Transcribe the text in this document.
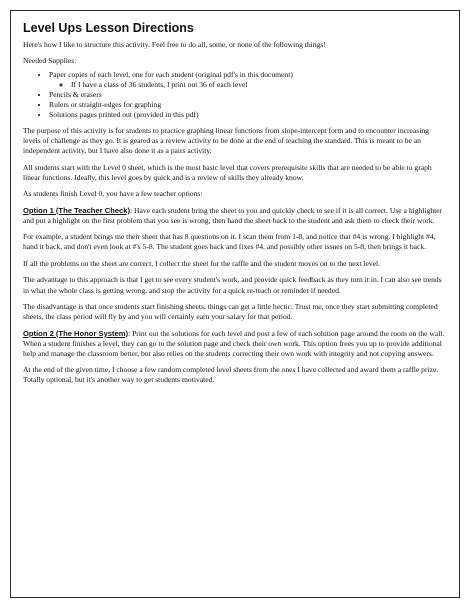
Level Ups Lesson Directions

Here's how I like to structure this activity. Feel free to do all, some, or none of the following things!

Needed Supplies:

• Paper copies of each level, one for each student (original pdf's in this document)
◦ If I have a class of 36 students, I print out 36 of each level
• Pencils & erasers
• Rulers or straight-edges for graphing
• Solutions pages printed out (provided in this pdf)

The purpose of this activity is for students to practice graphing linear functions from slope-intercept form and to encounter increasing levels of challenge as they go. It is geared as a review activity to be done at the end of teaching the standard. This is meant to be an independent activity, but I have also done it as a pairs activity.

All students start with the Level 0 sheet, which is the most basic level that covers prerequisite skills that are needed to be able to graph linear functions. Ideally, this level goes by quick and is a review of skills they already know.

As students finish Level 0, you have a few teacher options:

Option 1 (The Teacher Check): Have each student bring the sheet to you and quickly check to see if it is all correct. Use a highlighter and put a highlight on the first problem that you see is wrong, then hand the sheet back to the student and ask them to check their work.

For example, a student brings me their sheet that has 8 questions on it. I scan them from 1-8, and notice that #4 is wrong. I highlight #4, hand it back, and don't even look at #'s 5-8. The student goes back and fixes #4, and possibly other issues on 5-8, then brings it back.

If all the problems on the sheet are correct, I collect the sheet for the raffle and the student moves on to the next level.

The advantage to this approach is that I get to see every student's work, and provide quick feedback as they turn it in. I can also see trends in what the whole class is getting wrong, and stop the activity for a quick re-teach or reminder if needed.

The disadvantage is that once students start finishing sheets, things can get a little hectic. Trust me, once they start submitting completed sheets, the class period will fly by and you will certainly earn your salary for that period.

Option 2 (The Honor System): Print out the solutions for each level and post a few of each solution page around the room on the wall. When a student finishes a level, they can go to the solution page and check their own work. This option frees you up to provide additional help and manage the classroom better, but also relies on the students correcting their own work with integrity and not copying answers.

At the end of the given time, I choose a few random completed level sheets from the ones I have collected and award them a raffle prize. Totally optional, but it's another way to get students motivated.
